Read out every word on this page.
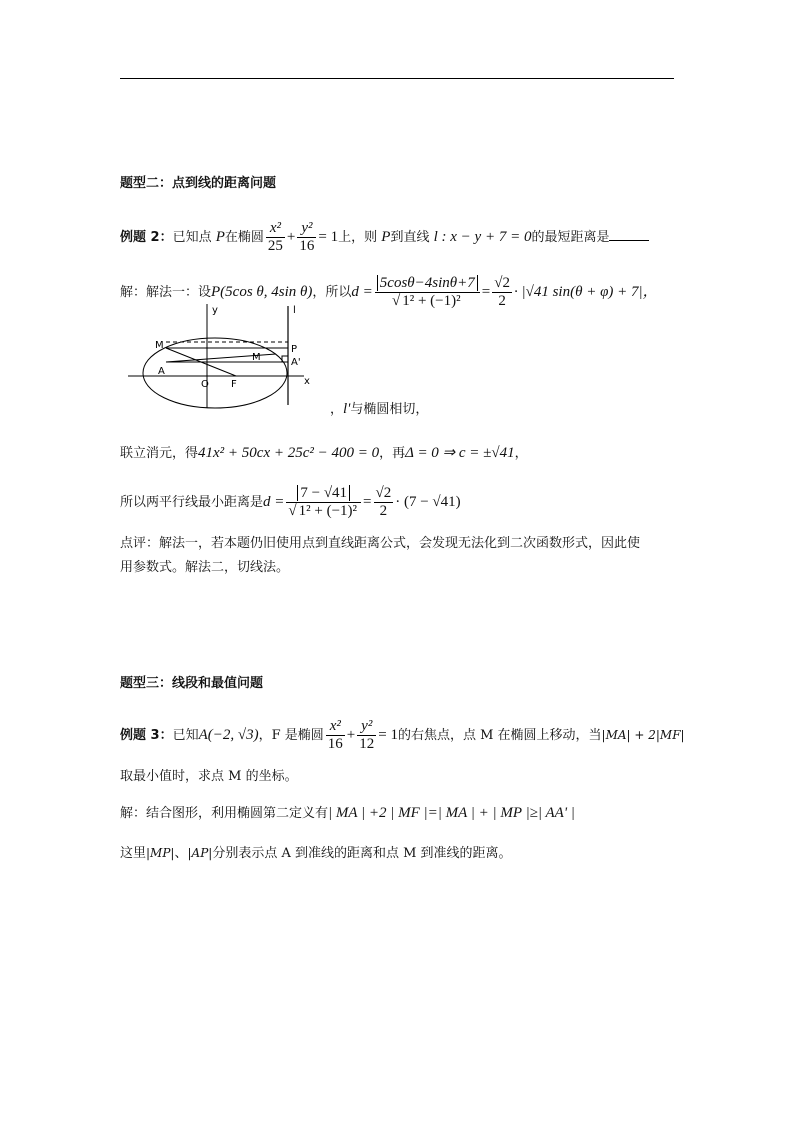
题型二：点到线的距离问题
例题 2：已知点 P在椭圆 $\frac{\text{x²}}{25} + \frac{\text{y²}}{16} = 1$上，则 P到直线 l : x − y + 7 = 0的最短距离是
解：解法一：设P(5cos θ, 4sin θ)，所以$d = \frac{5\cos\theta-4\sin\theta+7}{\text{√ 1² + (−1)²}} = \frac{√2}{2} \cdot |√41$ sin(θ + φ) + 7|，
y	l
M
A
O F
M
P
A'
x
，l'与椭圆相切，
联立消元，得41x² + 50cx + 25c² − 400 = 0，再Δ = 0 ⇒ c = ±√41，
所以两平行线最小距离是$d = \frac{7 - √41}{\text{√ 1² + (−1)²}} = \frac{√2}{2} \cdot (7 - √41)$
点评：解法一，若本题仍旧使用点到直线距离公式，会发现无法化到二次函数形式，因此使
用参数式。解法二，切线法。
题型三：线段和最值问题
例题 3：已知A(−2, √3)，F 是椭圆 $\frac{\text{x²}}{16} + \frac{\text{y²}}{12} = 1$的右焦点，点 M 在椭圆上移动，当|MA| + 2|MF|
取最小值时，求点 M 的坐标。
解：结合图形，利用椭圆第二定义有| MA | +2 | MF |=| MA | + | MP |≥| AA' |
这里|MP|、|AP|分别表示点 A 到准线的距离和点 M 到准线的距离。
